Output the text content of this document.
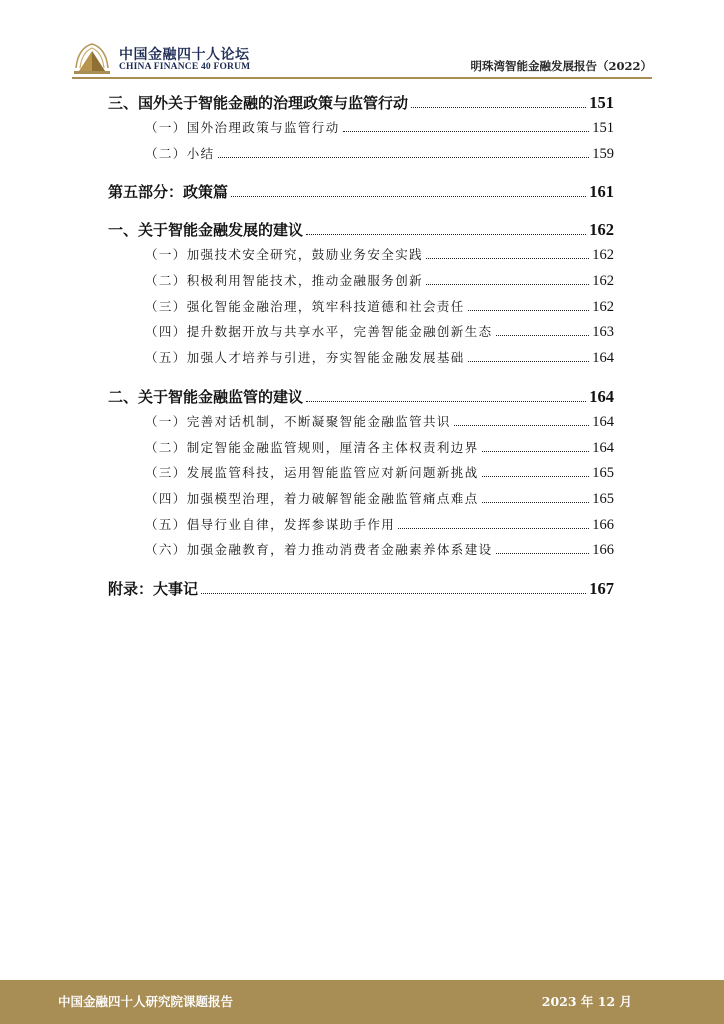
中国金融四十人论坛
CHINA FINANCE 40 FORUM	明珠湾智能金融发展报告（2022）
三、国外关于智能金融的治理政策与监管行动	151
（一）国外治理政策与监管行动	151
（二）小结	159
第五部分：政策篇	161
一、关于智能金融发展的建议	162
（一）加强技术安全研究，鼓励业务安全实践	162
（二）积极利用智能技术，推动金融服务创新	162
（三）强化智能金融治理，筑牢科技道德和社会责任	162
（四）提升数据开放与共享水平，完善智能金融创新生态	163
（五）加强人才培养与引进，夯实智能金融发展基础	164
二、关于智能金融监管的建议	164
（一）完善对话机制，不断凝聚智能金融监管共识	164
（二）制定智能金融监管规则，厘清各主体权责利边界	164
（三）发展监管科技，运用智能监管应对新问题新挑战	165
（四）加强模型治理，着力破解智能金融监管痛点难点	165
（五）倡导行业自律，发挥参谋助手作用	166
（六）加强金融教育，着力推动消费者金融素养体系建设	166
附录：大事记	167
中国金融四十人研究院课题报告	2023 年 12 月
